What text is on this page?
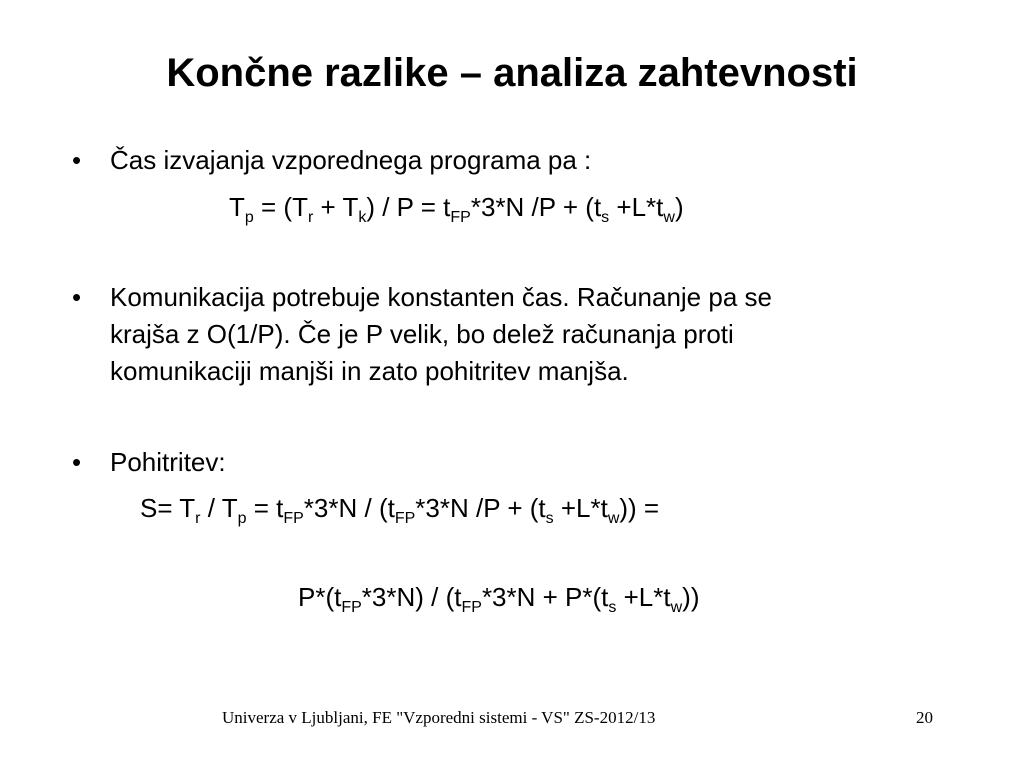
Končne razlike – analiza zahtevnosti
•	Čas izvajanja vzporednega programa pa :
$T_p = (T_r + T_k) / P = t_{FP}*3*N$ $/P + (t_s +L*t_w)$
•	Komunikacija potrebuje konstanten čas. Računanje pa se
krajša z O(1/P). Če je P velik, bo delež računanja proti
komunikaciji manjši in zato pohitritev manjša.
•	Pohitritev:
$S= T_r / T_p = t_{FP}*3*N / (t_{FP}*3*N$ $/P + (t_s +L*t_w)$) =
$P*(t_{FP}*3*N) / (t_{FP}*3*N + P*(t_s +L*t_w))$
Univerza v Ljubljani, FE "Vzporedni sistemi - VS" ZS-2012/13	20
